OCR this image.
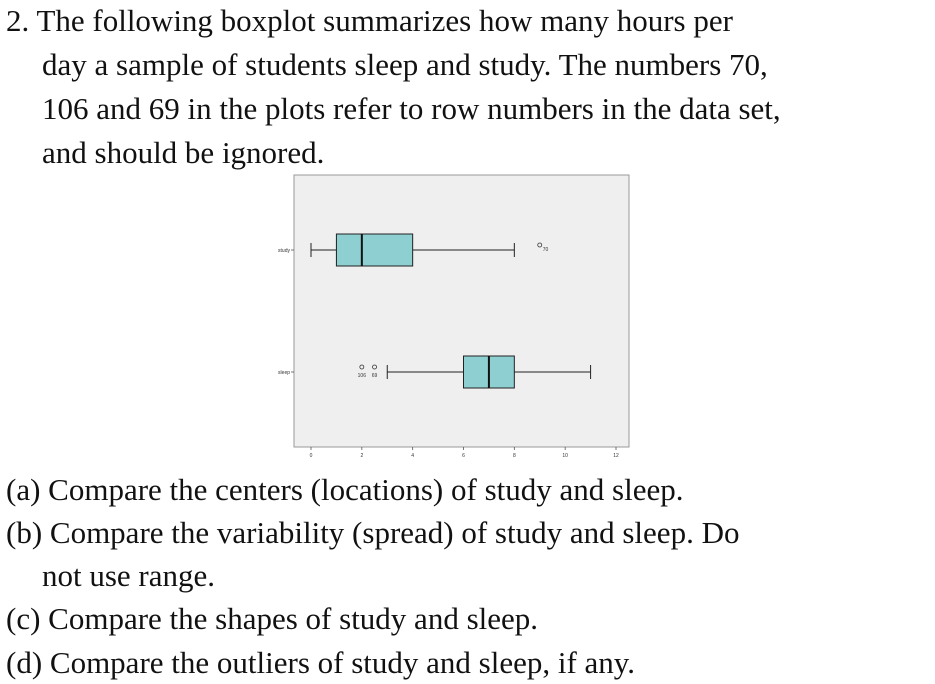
2. The following boxplot summarizes how many hours per
day a sample of students sleep and study. The numbers 70,
106 and 69 in the plots refer to row numbers in the data set,
and should be ignored.
0	2	4	6	8	10	12
study	70
sleep	106 69
(a) Compare the centers (locations) of study and sleep.
(b) Compare the variability (spread) of study and sleep. Do
not use range.
(c) Compare the shapes of study and sleep.
(d) Compare the outliers of study and sleep, if any.
